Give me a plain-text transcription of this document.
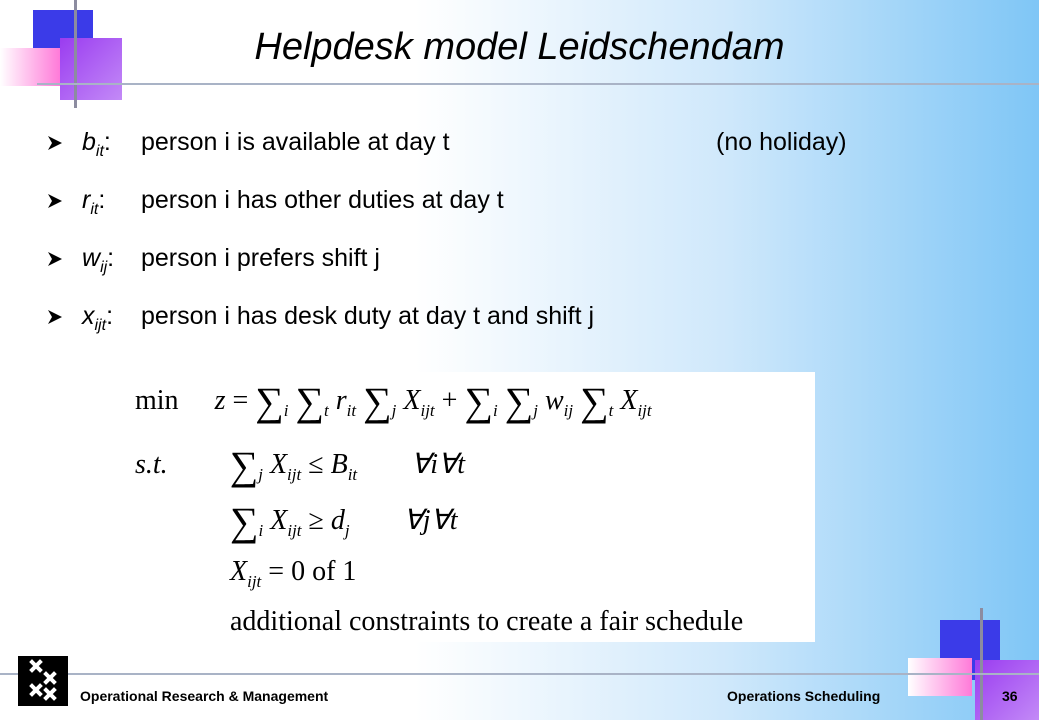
Helpdesk model Leidschendam
$b_{it}$: person i is available at day t	(no holiday)
$r_{it}$: person i has other duties at day t
$w_{ij}$: person i prefers shift j
$x_{ijt}$: person i has desk duty at day t and shift j
$\min z = \sum_i$ $\sum_t$ $r_{it}$ $\sum_j$ $X_{ijt} + \sum_i$ $\sum_j$ $w_{ij}$ $\sum_t$ $X_{ijt}$
s.t. $\sum_j$ $X_{ijt} \le B_{it}$ ∀i∀t
$\sum_i$ $X_{ijt} \ge d_j$ ∀j∀t
$X_{ijt} = 0$ of 1
additional constraints to create a fair schedule
Operational Research & Management	Operations Scheduling	36
